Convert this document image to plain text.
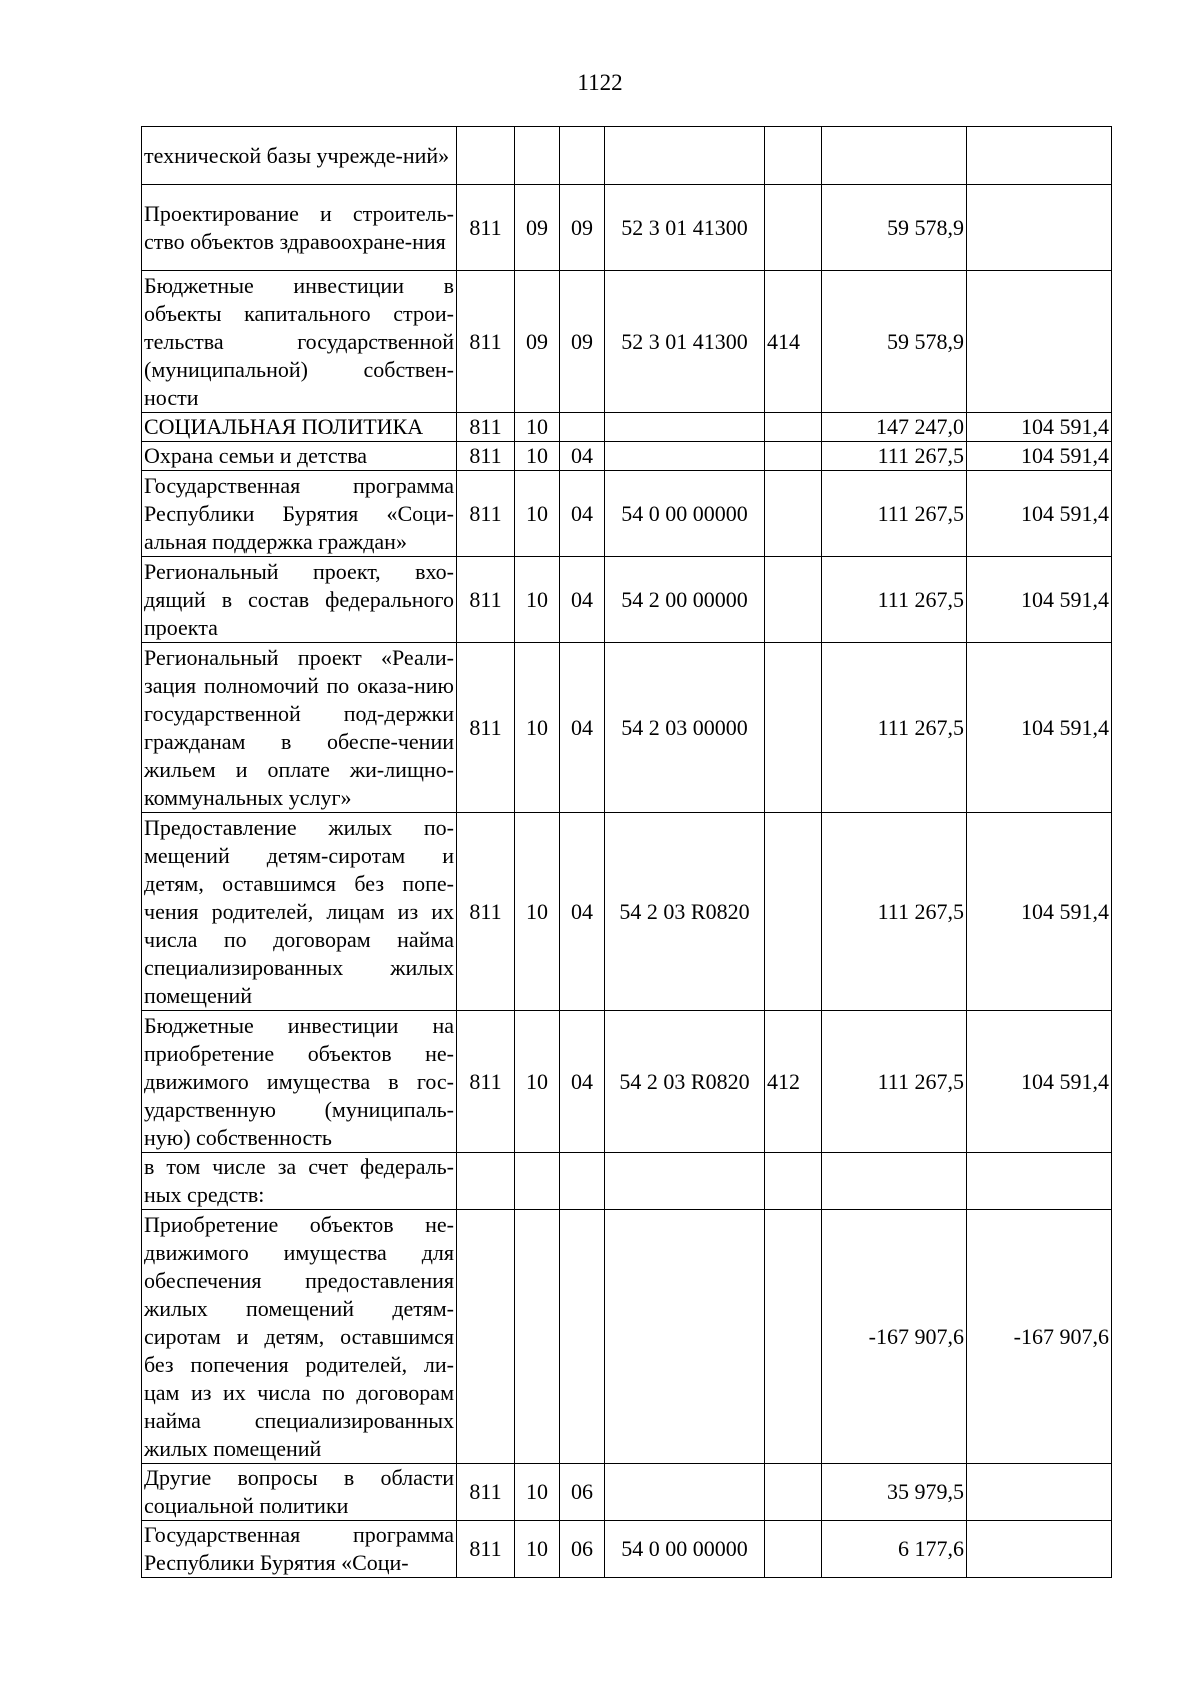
1122
технической базы учрежде-ний»							
Проектирование и строитель-ство объектов здравоохране-ния	811	09	09	52 3 01 41300		59 578,9	
Бюджетные инвестиции в объекты капитального строи-тельства государственной (муниципальной) собствен-ности	811	09	09	52 3 01 41300	414	59 578,9	
СОЦИАЛЬНАЯ ПОЛИТИКА	811	10				147 247,0	104 591,4
Охрана семьи и детства	811	10	04			111 267,5	104 591,4
Государственная программа Республики Бурятия «Соци-альная поддержка граждан»	811	10	04	54 0 00 00000		111 267,5	104 591,4
Региональный проект, вхо-дящий в состав федерального проекта	811	10	04	54 2 00 00000		111 267,5	104 591,4
Региональный проект «Реали-зация полномочий по оказа-нию государственной под-держки гражданам в обеспе-чении жильем и оплате жи-лищно-коммунальных услуг»	811	10	04	54 2 03 00000		111 267,5	104 591,4
Предоставление жилых по-мещений детям-сиротам и детям, оставшимся без попе-чения родителей, лицам из их числа по договорам найма специализированных жилых помещений	811	10	04	54 2 03 R0820		111 267,5	104 591,4
Бюджетные инвестиции на приобретение объектов не-движимого имущества в гос-ударственную (муниципаль-ную) собственность	811	10	04	54 2 03 R0820	412	111 267,5	104 591,4
в том числе за счет федераль-ных средств:							
Приобретение объектов не-движимого имущества для обеспечения предоставления жилых помещений детям-сиротам и детям, оставшимся без попечения родителей, ли-цам из их числа по договорам найма специализированных жилых помещений						-167 907,6	-167 907,6
Другие вопросы в области социальной политики	811	10	06			35 979,5	
Государственная программа Республики Бурятия «Соци-	811	10	06	54 0 00 00000		6 177,6	
